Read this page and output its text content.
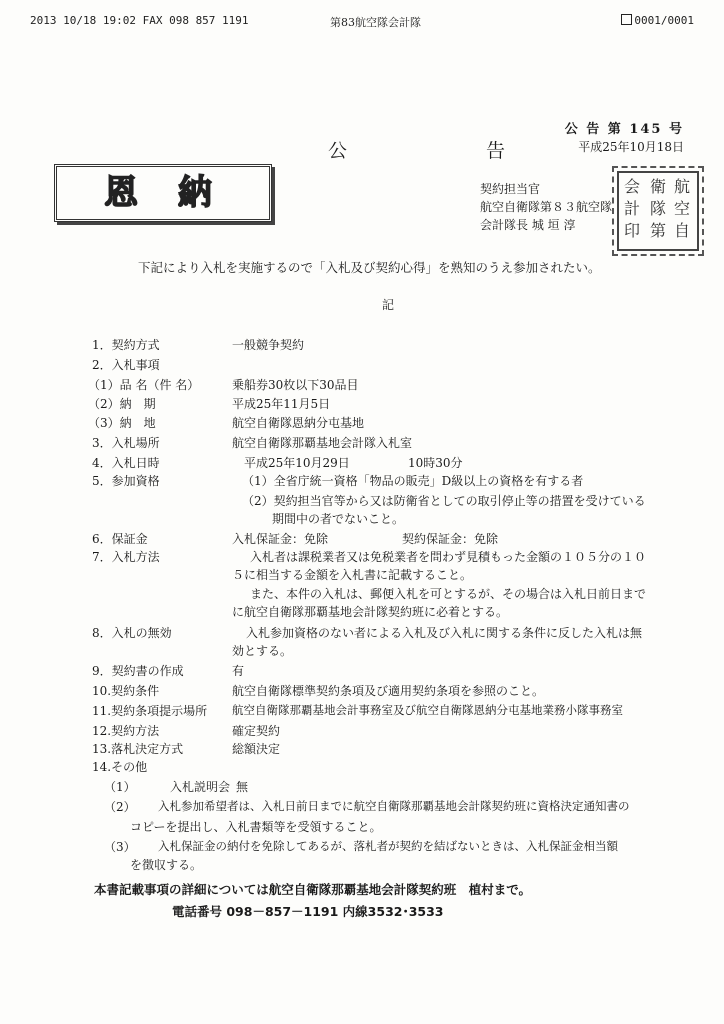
2013 10/18 19:02 FAX 098 857 1191	第83航空隊会計隊	0001/0001
公 告 第 145 号
平成25年10月18日
公　告
恩納	契約担当官
航空自衛隊第８３航空隊
会計隊長 城 垣 淳
航
空
自
衛
隊
第
会
計
印
下記により入札を実施するので「入札及び契約心得」を熟知のうえ参加されたい。
記
1．契約方式	一般競争契約
2．入札事項
（1）品 名（件 名）	乗船券30枚以下30品目
（2）納　期	平成25年11月5日
（3）納　地	航空自衛隊恩納分屯基地
3．入札場所	航空自衛隊那覇基地会計隊入札室
4．入札日時	平成25年10月29日	10時30分
5．参加資格	（1）全省庁統一資格「物品の販売」D級以上の資格を有する者
（2）契約担当官等から又は防衛省としての取引停止等の措置を受けている
期間中の者でないこと。
6．保証金	入札保証金：免除	契約保証金：免除
7．入札方法	入札者は課税業者又は免税業者を問わず見積もった金額の１０５分の１０
５に相当する金額を入札書に記載すること。
また、本件の入札は、郵便入札を可とするが、その場合は入札日前日まで
に航空自衛隊那覇基地会計隊契約班に必着とする。
8．入札の無効	入札参加資格のない者による入札及び入札に関する条件に反した入札は無
効とする。
9．契約書の作成	有
10.契約条件	航空自衛隊標準契約条項及び適用契約条項を参照のこと。
11.契約条項提示場所 航空自衛隊那覇基地会計事務室及び航空自衛隊恩納分屯基地業務小隊事務室
12.契約方法	確定契約
13.落札決定方式	総額決定
14.その他
（1）	入札説明会 無
（2） 入札参加希望者は、入札日前日までに航空自衛隊那覇基地会計隊契約班に資格決定通知書の
コピーを提出し、入札書類等を受領すること。
（3） 入札保証金の納付を免除してあるが、落札者が契約を結ばないときは、入札保証金相当額
を徴収する。
本書記載事項の詳細については航空自衛隊那覇基地会計隊契約班　植村まで。
電話番号 098－857－1191 内線3532･3533
